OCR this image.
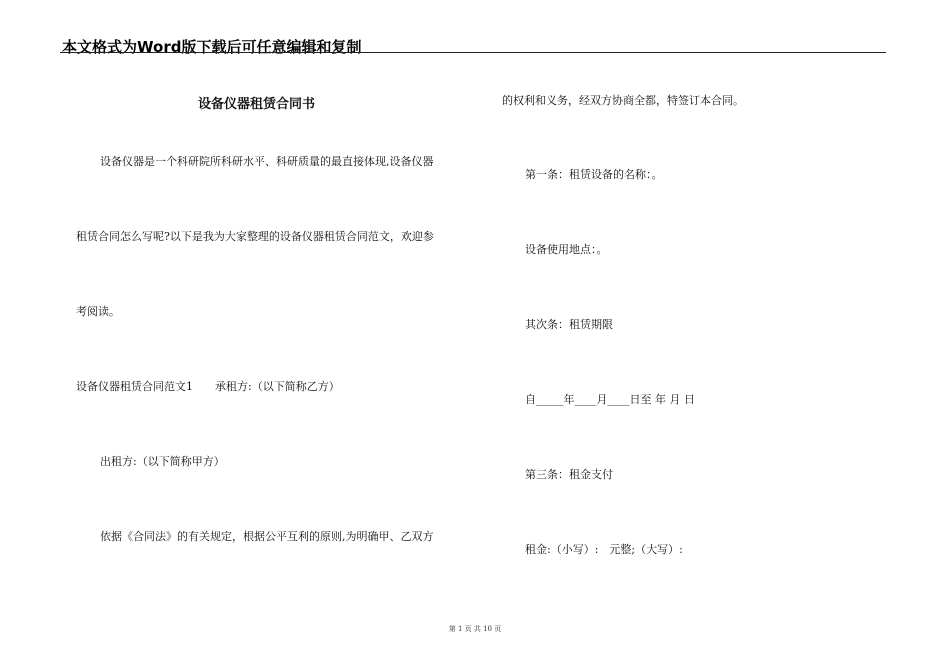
本文格式为Word版下载后可任意编辑和复制
设备仪器租赁合同书
设备仪器是一个科研院所科研水平、科研质量的最直接体现,设备仪器
租赁合同怎么写呢?以下是我为大家整理的设备仪器租赁合同范文，欢迎参
考阅读。
设备仪器租赁合同范文1 承租方:（以下简称乙方）
出租方:（以下简称甲方）
依据《合同法》的有关规定，根据公平互利的原则,为明确甲、乙双方
的权利和义务，经双方协商全都，特签订本合同。
第一条：租赁设备的名称：。
设备使用地点：。
其次条：租赁期限
自_____年____月____日至 年 月 日
第三条：租金支付
租金:（小写）:　元整;（大写）:
第 1 页 共 10 页
